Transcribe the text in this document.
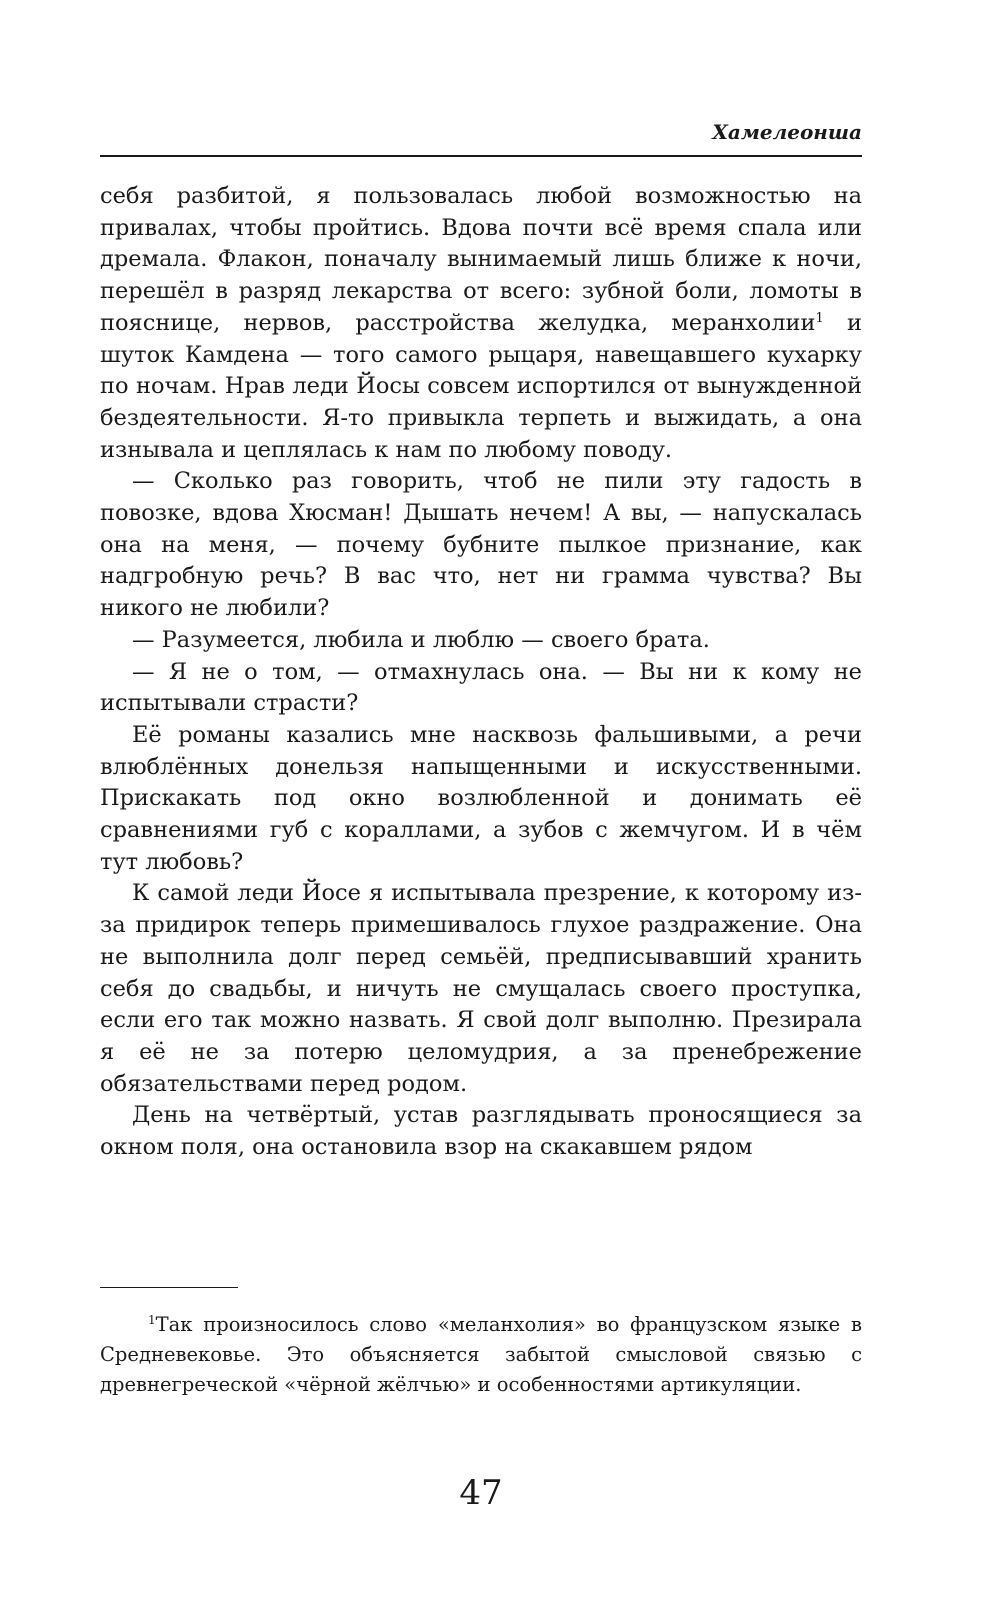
Хамелеонша

себя разбитой, я пользовалась любой возможностью на привалах, чтобы пройтись. Вдова почти всё время спала или дремала. Флакон, поначалу вынимаемый лишь ближе к ночи, перешёл в разряд лекарства от всего: зубной боли, ломоты в пояснице, нервов, расстройства желудка, меранхолии$^1$ и шуток Камдена — того самого рыцаря, навещавшего кухарку по ночам. Нрав леди Йосы совсем испортился от вынужденной бездеятельности. Я-то привыкла терпеть и выжидать, а она изнывала и цеплялась к нам по любому поводу.

— Сколько раз говорить, чтоб не пили эту гадость в повозке, вдова Хюсман! Дышать нечем! А вы, — напускалась она на меня, — почему бубните пылкое признание, как надгробную речь? В вас что, нет ни грамма чувства? Вы никого не любили?

— Разумеется, любила и люблю — своего брата.

— Я не о том, — отмахнулась она. — Вы ни к кому не испытывали страсти?

Её романы казались мне насквозь фальшивыми, а речи влюблённых донельзя напыщенными и искусственными. Прискакать под окно возлюбленной и донимать её сравнениями губ с кораллами, а зубов с жемчугом. И в чём тут любовь?

К самой леди Йосе я испытывала презрение, к которому из-за придирок теперь примешивалось глухое раздражение. Она не выполнила долг перед семьёй, предписывавший хранить себя до свадьбы, и ничуть не смущалась своего проступка, если его так можно назвать. Я свой долг выполню. Презирала я её не за потерю целомудрия, а за пренебрежение обязательствами перед родом.

День на четвёртый, устав разглядывать проносящиеся за окном поля, она остановила взор на скакавшем рядом

$^1$Так произносилось слово «меланхолия» во французском языке в Средневековье. Это объясняется забытой смысловой связью с древнегреческой «чёрной жёлчью» и особенностями артикуляции.

47
